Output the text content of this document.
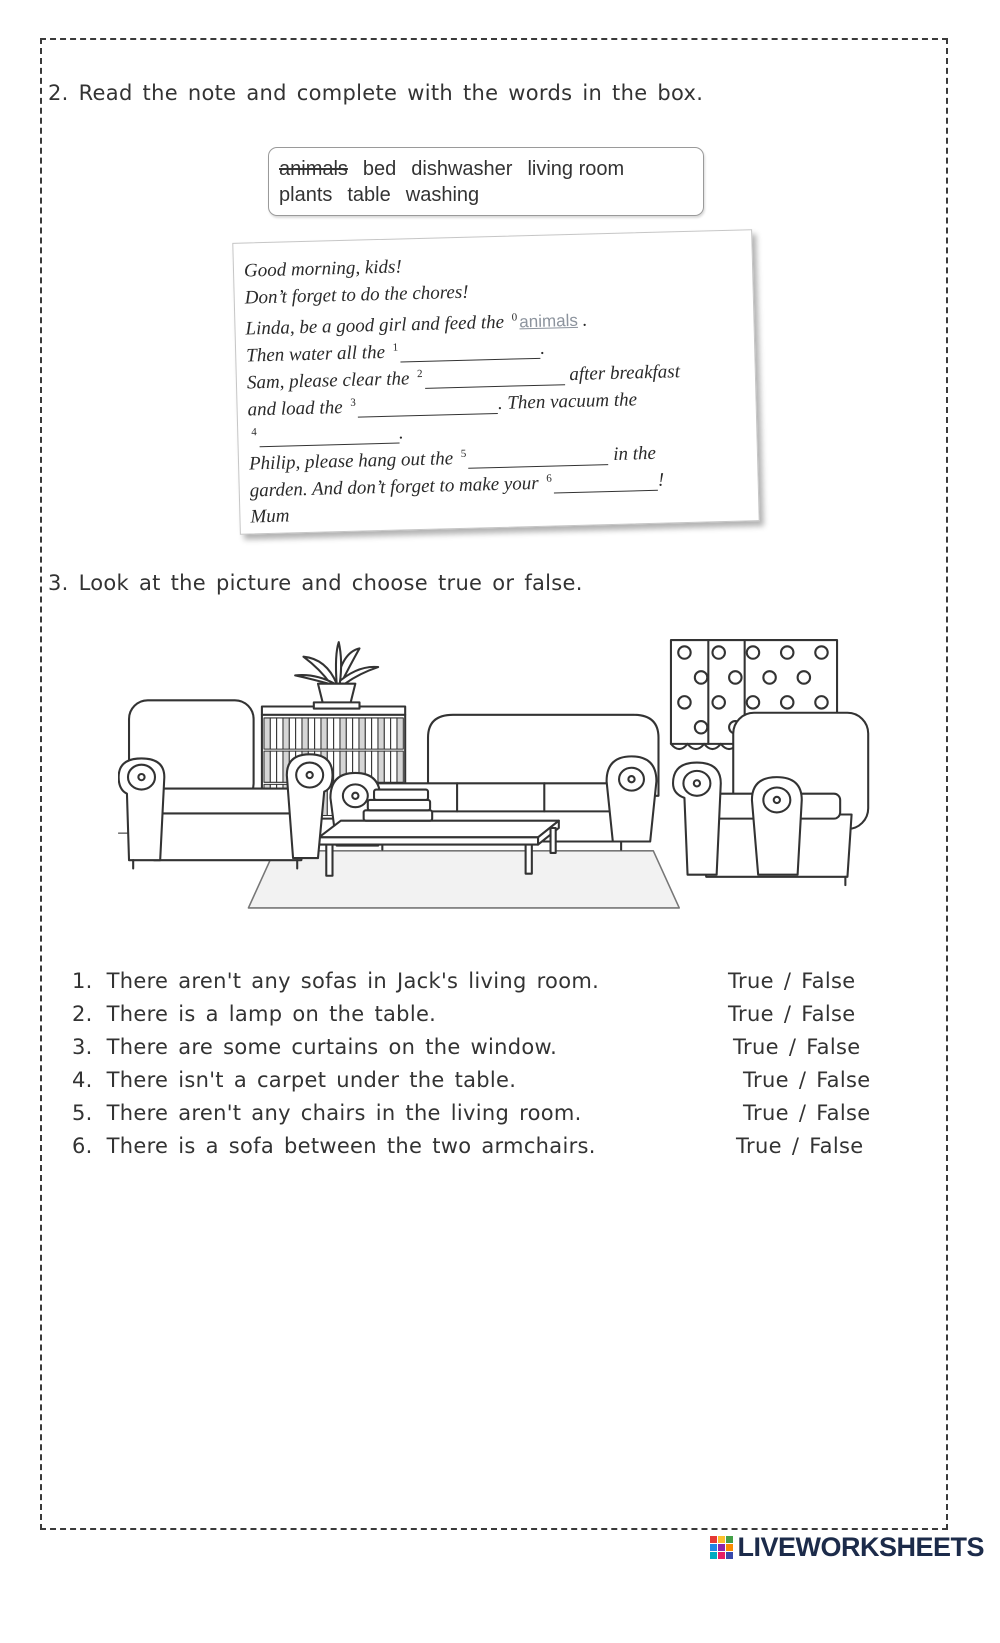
2. Read the note and complete with the words in the box.
animals bed dishwasher living room
plants table washing
Good morning, kids!
Don’t forget to do the chores!
Linda, be a good girl and feed the $^0$ animals .
Then water all the $^1$	.
Sam, please clear the $^2$	after breakfast
and load the $^3$	. Then vacuum the
$^4$	.
Philip, please hang out the $^5$	in the
garden. And don’t forget to make your $^6$	!
Mum
3. Look at the picture and choose true or false.
1. There aren't any sofas in Jack's living room.	True / False
2. There is a lamp on the table.	True / False
3. There are some curtains on the window.	True / False
4. There isn't a carpet under the table.	True / False
5. There aren't any chairs in the living room.	True / False
6. There is a sofa between the two armchairs.	True / False
LIVEWORKSHEETS
